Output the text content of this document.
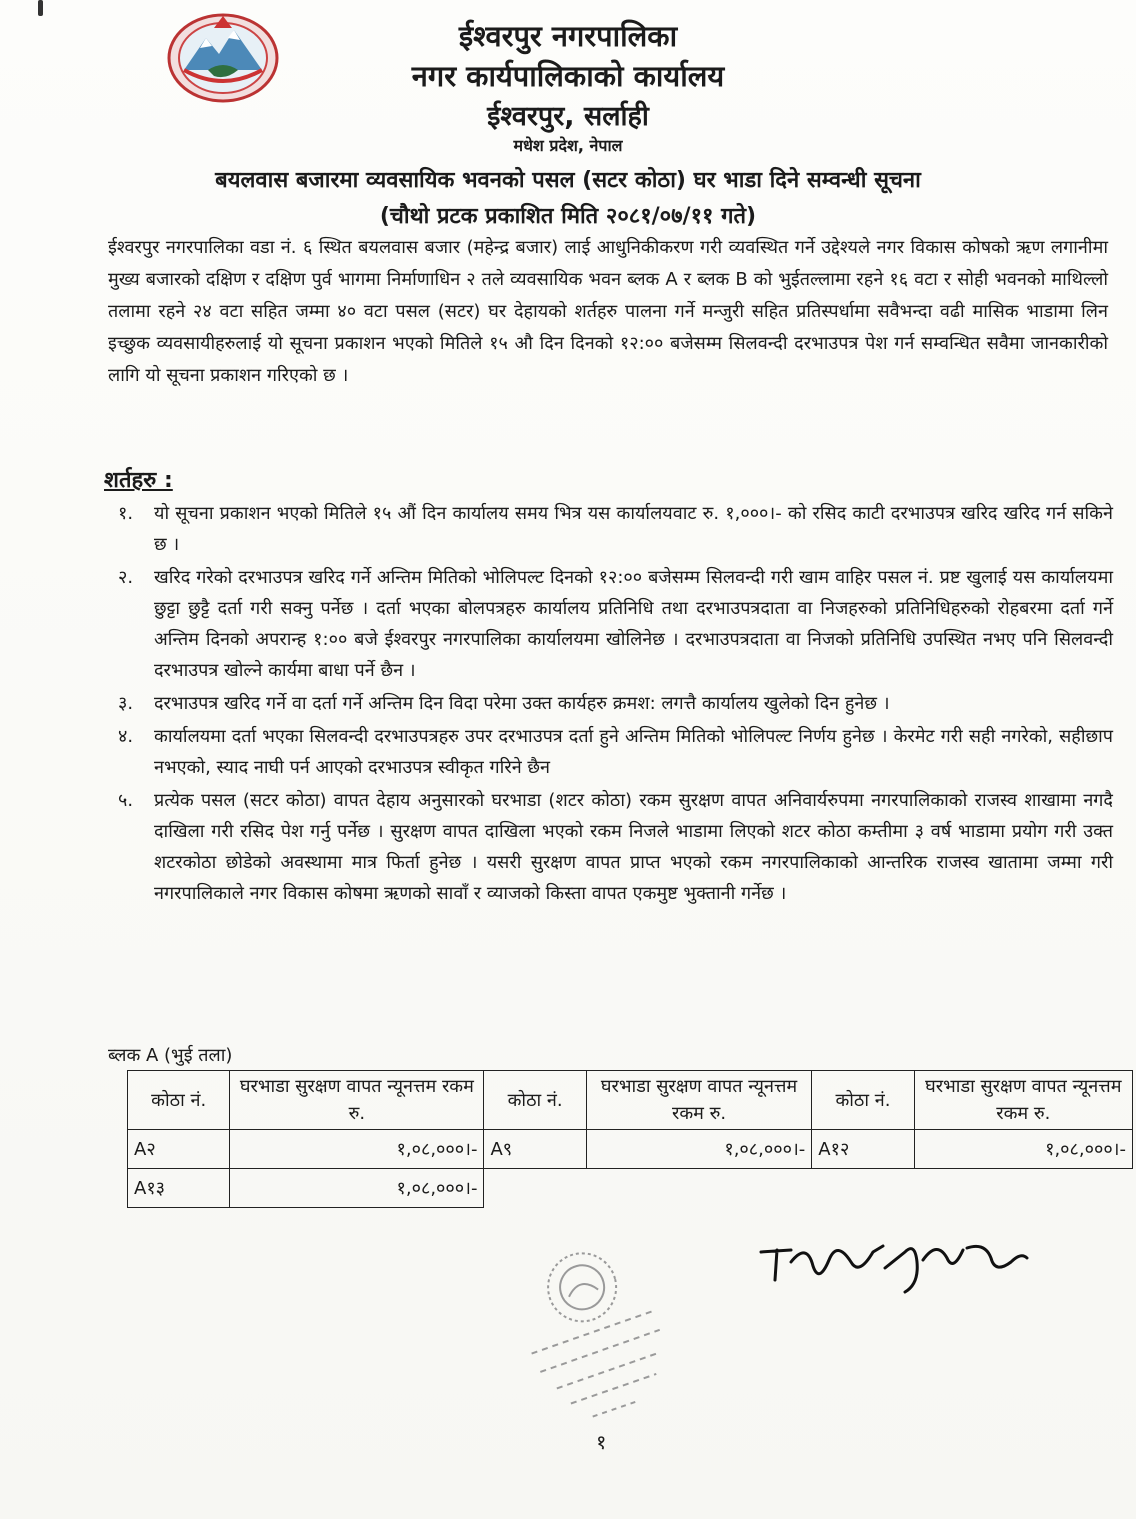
ईश्वरपुर नगरपालिका
नगर कार्यपालिकाको कार्यालय
ईश्वरपुर, सर्लाही
मधेश प्रदेश, नेपाल
बयलवास बजारमा व्यवसायिक भवनको पसल (सटर कोठा) घर भाडा दिने सम्वन्धी सूचना
(चौथो प्रटक प्रकाशित मिति २०८१/०७/११ गते)
ईश्वरपुर नगरपालिका वडा नं. ६ स्थित बयलवास बजार (महेन्द्र बजार) लाई आधुनिकीकरण गरी व्यवस्थित गर्ने उद्देश्यले नगर विकास कोषको ऋण लगानीमा मुख्य बजारको दक्षिण र दक्षिण पुर्व भागमा निर्माणाधिन २ तले व्यवसायिक भवन ब्लक A र ब्लक B को भुईतल्लामा रहने १६ वटा र सोही भवनको माथिल्लो तलामा रहने २४ वटा सहित जम्मा ४० वटा पसल (सटर) घर देहायको शर्तहरु पालना गर्ने मन्जुरी सहित प्रतिस्पर्धामा सवैभन्दा वढी मासिक भाडामा लिन इच्छुक व्यवसायीहरुलाई यो सूचना प्रकाशन भएको मितिले १५ औ दिन दिनको १२:०० बजेसम्म सिलवन्दी दरभाउपत्र पेश गर्न सम्वन्धित सवैमा जानकारीको लागि यो सूचना प्रकाशन गरिएको छ ।
शर्तहरु :
१. यो सूचना प्रकाशन भएको मितिले १५ औं दिन कार्यालय समय भित्र यस कार्यालयवाट रु. १,०००।- को रसिद काटी दरभाउपत्र खरिद खरिद गर्न सकिने छ ।
२. खरिद गरेको दरभाउपत्र खरिद गर्ने अन्तिम मितिको भोलिपल्ट दिनको १२:०० बजेसम्म सिलवन्दी गरी खाम वाहिर पसल नं. प्रष्ट खुलाई यस कार्यालयमा छुट्टा छुट्टै दर्ता गरी सक्नु पर्नेछ । दर्ता भएका बोलपत्रहरु कार्यालय प्रतिनिधि तथा दरभाउपत्रदाता वा निजहरुको प्रतिनिधिहरुको रोहबरमा दर्ता गर्ने अन्तिम दिनको अपरान्ह १:०० बजे ईश्वरपुर नगरपालिका कार्यालयमा खोलिनेछ । दरभाउपत्रदाता वा निजको प्रतिनिधि उपस्थित नभए पनि सिलवन्दी दरभाउपत्र खोल्ने कार्यमा बाधा पर्ने छैन ।
३. दरभाउपत्र खरिद गर्ने वा दर्ता गर्ने अन्तिम दिन विदा परेमा उक्त कार्यहरु क्रमश: लगत्तै कार्यालय खुलेको दिन हुनेछ ।
४. कार्यालयमा दर्ता भएका सिलवन्दी दरभाउपत्रहरु उपर दरभाउपत्र दर्ता हुने अन्तिम मितिको भोलिपल्ट निर्णय हुनेछ । केरमेट गरी सही नगरेको, सहीछाप नभएको, स्याद नाघी पर्न आएको दरभाउपत्र स्वीकृत गरिने छैन
५. प्रत्येक पसल (सटर कोठा) वापत देहाय अनुसारको घरभाडा (शटर कोठा) रकम सुरक्षण वापत अनिवार्यरुपमा नगरपालिकाको राजस्व शाखामा नगदै दाखिला गरी रसिद पेश गर्नु पर्नेछ । सुरक्षण वापत दाखिला भएको रकम निजले भाडामा लिएको शटर कोठा कम्तीमा ३ वर्ष भाडामा प्रयोग गरी उक्त शटरकोठा छोडेको अवस्थामा मात्र फिर्ता हुनेछ । यसरी सुरक्षण वापत प्राप्त भएको रकम नगरपालिकाको आन्तरिक राजस्व खातामा जम्मा गरी नगरपालिकाले नगर विकास कोषमा ऋणको सावाँ र व्याजको किस्ता वापत एकमुष्ट भुक्तानी गर्नेछ ।
ब्लक A (भुई तला)
कोठा नं.	घरभाडा सुरक्षण वापत न्यूनत्तम रकम रु.	कोठा नं.	घरभाडा सुरक्षण वापत न्यूनत्तम रकम रु.	कोठा नं.	घरभाडा सुरक्षण वापत न्यूनत्तम रकम रु.
A२	१,०८,०००।-	A९	१,०८,०००।-	A१२	१,०८,०००।-
A१३	१,०८,०००।-				
१
